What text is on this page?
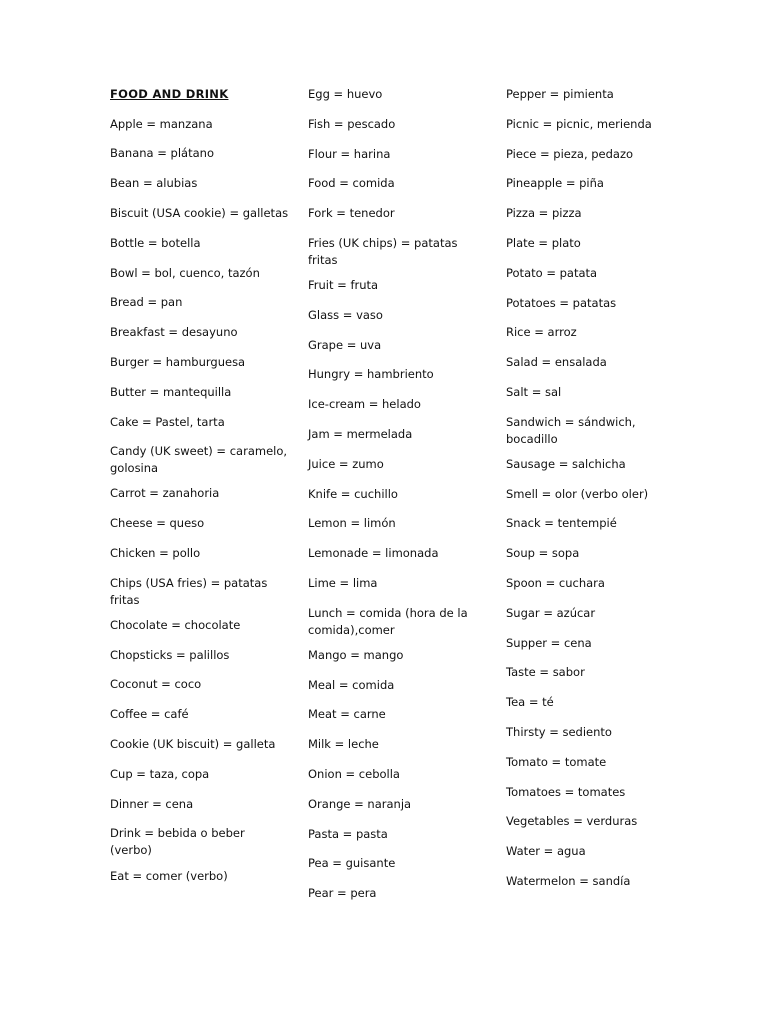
FOOD AND DRINK

Apple = manzana

Banana = plátano

Bean = alubias

Biscuit (USA cookie) = galletas

Bottle = botella

Bowl = bol, cuenco, tazón

Bread = pan

Breakfast = desayuno

Burger = hamburguesa

Butter = mantequilla

Cake = Pastel, tarta

Candy (UK sweet) = caramelo, golosina

Carrot = zanahoria

Cheese = queso

Chicken = pollo

Chips (USA fries) = patatas fritas

Chocolate = chocolate

Chopsticks = palillos

Coconut = coco

Coffee = café

Cookie (UK biscuit) = galleta

Cup = taza, copa

Dinner = cena

Drink = bebida o beber (verbo)

Eat = comer (verbo)

Egg = huevo

Fish = pescado

Flour = harina

Food = comida

Fork = tenedor

Fries (UK chips) = patatas fritas

Fruit = fruta

Glass = vaso

Grape = uva

Hungry = hambriento

Ice-cream = helado

Jam = mermelada

Juice = zumo

Knife = cuchillo

Lemon = limón

Lemonade = limonada

Lime = lima

Lunch = comida (hora de la comida),comer

Mango = mango

Meal = comida

Meat = carne

Milk = leche

Onion = cebolla

Orange = naranja

Pasta = pasta

Pea = guisante

Pear = pera

Pepper = pimienta

Picnic = picnic, merienda

Piece = pieza, pedazo

Pineapple = piña

Pizza = pizza

Plate = plato

Potato = patata

Potatoes = patatas

Rice = arroz

Salad = ensalada

Salt = sal

Sandwich = sándwich, bocadillo

Sausage = salchicha

Smell = olor (verbo oler)

Snack = tentempié

Soup = sopa

Spoon = cuchara

Sugar = azúcar

Supper = cena

Taste = sabor

Tea = té

Thirsty = sediento

Tomato = tomate

Tomatoes = tomates

Vegetables = verduras

Water = agua

Watermelon = sandía
